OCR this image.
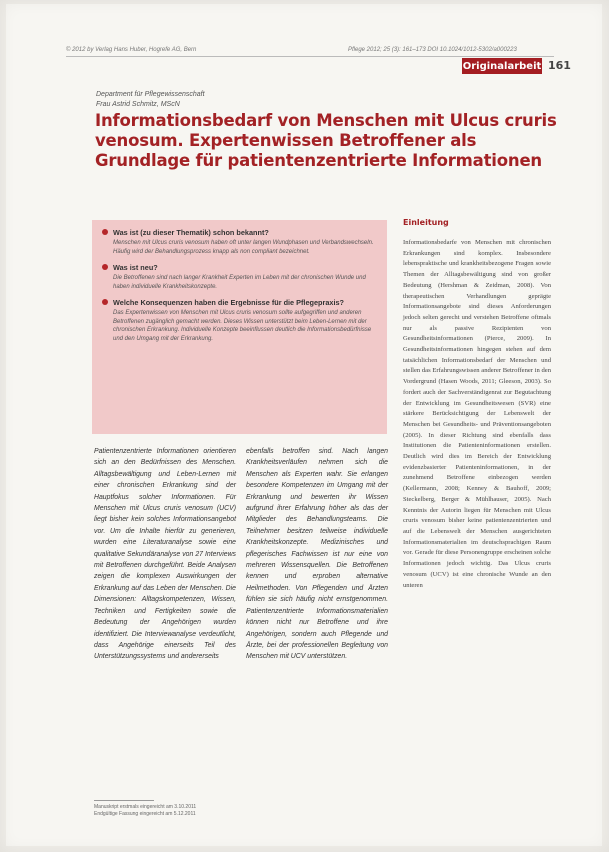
© 2012 by Verlag Hans Huber, Hogrefe AG, Bern	Pflege 2012; 25 (3): 161–173 DOI 10.1024/1012-5302/a000223
Originalarbeit 161
Department für Pflegewissenschaft
Frau Astrid Schmitz, MScN
Informationsbedarf von Menschen mit Ulcus cruris venosum. Expertenwissen Betroffener als Grundlage für patientenzentrierte Informationen
Was ist (zu dieser Thematik) schon bekannt?
Menschen mit Ulcus cruris venosum haben oft unter langen Wundphasen und Verbandswechseln. Häufig wird der Behandlungsprozess knapp als non compliant bezeichnet.
Was ist neu?
Die Betroffenen sind nach langer Krankheit Experten im Leben mit der chronischen Wunde und haben individuelle Krankheitskonzepte.
Welche Konsequenzen haben die Ergebnisse für die Pflegepraxis?
Das Expertenwissen von Menschen mit Ulcus cruris venosum sollte aufgegriffen und anderen Betroffenen zugänglich gemacht werden. Dieses Wissen unterstützt beim Leben-Lernen mit der chronischen Erkrankung. Individuelle Konzepte beeinflussen deutlich die Informationsbedürfnisse und den Umgang mit der Erkrankung.
Patientenzentrierte Informationen orientieren sich an den Bedürfnissen des Menschen. Alltagsbewältigung und Leben-Lernen mit einer chronischen Erkrankung sind der Hauptfokus solcher Informationen. Für Menschen mit Ulcus cruris venosum (UCV) liegt bisher kein solches Informationsangebot vor. Um die Inhalte hierfür zu generieren, wurden eine Literaturanalyse sowie eine qualitative Sekundäranalyse von 27 Interviews mit Betroffenen durchgeführt. Beide Analysen zeigen die komplexen Auswirkungen der Erkrankung auf das Leben der Menschen. Die Dimensionen: Alltagskompetenzen, Wissen, Techniken und Fertigkeiten sowie die Bedeutung der Angehörigen wurden identifiziert. Die Interviewanalyse verdeutlicht, dass Angehörige einerseits Teil des Unterstützungssystems und andererseits
ebenfalls betroffen sind. Nach langen Krankheitsverläufen nehmen sich die Menschen als Experten wahr. Sie erlangen besondere Kompetenzen im Umgang mit der Erkrankung und bewerten ihr Wissen aufgrund ihrer Erfahrung höher als das der Mitglieder des Behandlungsteams. Die Teilnehmer besitzen teilweise individuelle Krankheitskonzepte. Medizinisches und pflegerisches Fachwissen ist nur eine von mehreren Wissensquellen. Die Betroffenen kennen und erproben alternative Heilmethoden. Von Pflegenden und Ärzten fühlen sie sich häufig nicht ernstgenommen. Patientenzentrierte Informationsmaterialien können nicht nur Betroffene und ihre Angehörigen, sondern auch Pflegende und Ärzte, bei der professionellen Begleitung von Menschen mit UCV unterstützen.
Manuskript erstmals eingereicht am 3.10.2011
Endgültige Fassung eingereicht am 5.12.2011
Einleitung
Informationsbedarfe von Menschen mit chronischen Erkrankungen sind komplex. Insbesondere lebenspraktische und krankheitsbezogene Fragen sowie Themen der Alltagsbewältigung sind von großer Bedeutung (Hershman & Zeidman, 2008). Von therapeutischen Verhandlungen geprägte Informationsangebote sind dieses Anforderungen jedoch selten gerecht und verstehen Betroffene oftmals nur als passive Rezipienten von Gesundheitsinformationen (Pierce, 2009). In Gesundheitsinformationen hingegen stehen auf dem tatsächlichen Informationsbedarf der Menschen und stellen das Erfahrungswissen anderer Betroffener in den Vordergrund (Hasen Woods, 2011; Gleeson, 2003). So fordert auch der Sachverständigenrat zur Begutachtung der Entwicklung im Gesundheitswesen (SVR) eine stärkere Berücksichtigung der Lebenswelt der Menschen bei Gesundheits- und Präventionsangeboten (2005). In dieser Richtung sind ebenfalls dass Institutionen die Patienteninformationen erstellen. Deutlich wird dies im Bereich der Entwicklung evidenzbasierter Patienteninformationen, in der zunehmend Betroffene einbezogen werden (Kellermann, 2008; Kenney & Bauhoff, 2009; Steckelberg, Berger & Mühlhauser, 2005). Nach Kenntnis der Autorin liegen für Menschen mit Ulcus cruris venosum bisher keine patientenzentrierten und auf die Lebenswelt der Menschen ausgerichteten Informationsmaterialien im deutschsprachigen Raum vor. Gerade für diese Personengruppe erscheinen solche Informationen jedoch wichtig. Das Ulcus cruris venosum (UCV) ist eine chronische Wunde an den unteren
